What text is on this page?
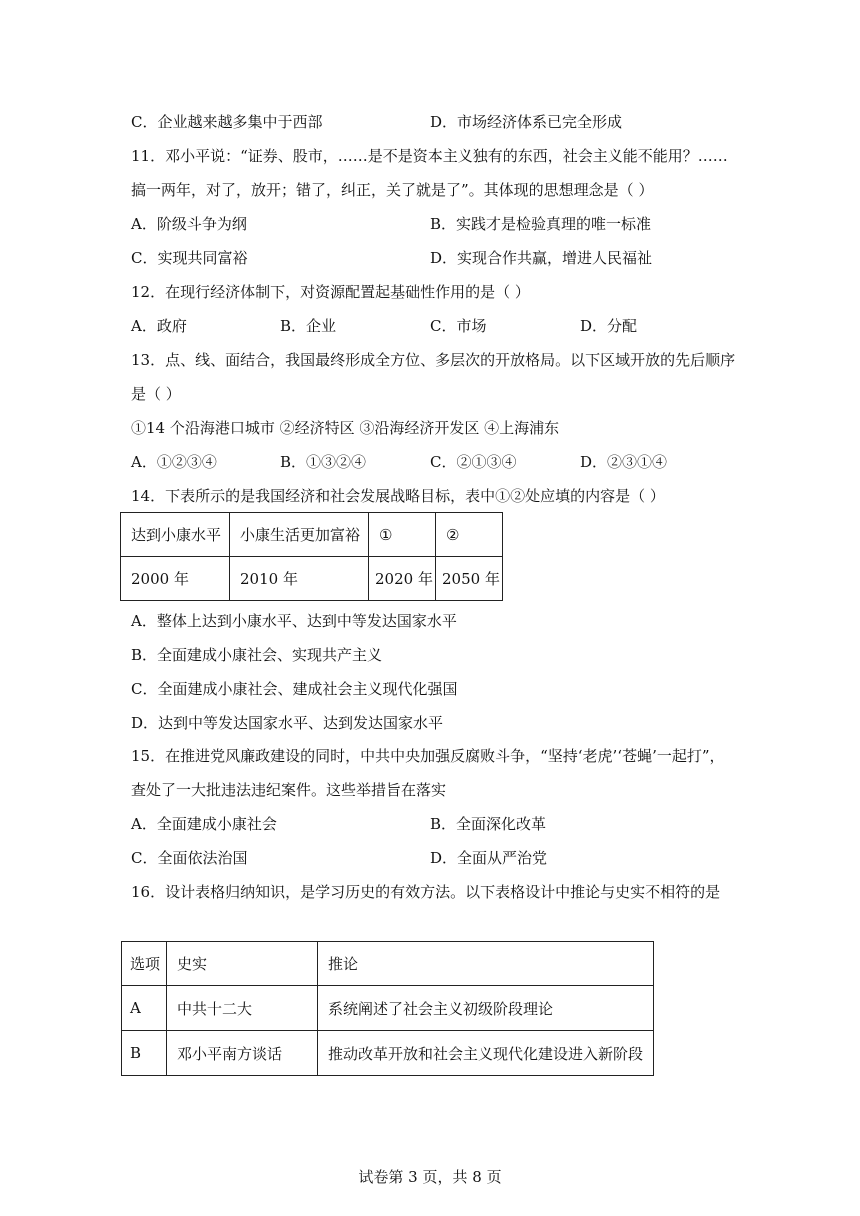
C．企业越来越多集中于西部	D．市场经济体系已完全形成
11．邓小平说：“证券、股市，……是不是资本主义独有的东西，社会主义能不能用？……
搞一两年，对了，放开；错了，纠正，关了就是了”。其体现的思想理念是（ ）
A．阶级斗争为纲	B．实践才是检验真理的唯一标准
C．实现共同富裕	D．实现合作共赢，增进人民福祉
12．在现行经济体制下，对资源配置起基础性作用的是（ ）
A．政府	B．企业	C．市场	D．分配
13．点、线、面结合，我国最终形成全方位、多层次的开放格局。以下区域开放的先后顺序
是（ ）
①14 个沿海港口城市 ②经济特区 ③沿海经济开发区 ④上海浦东
A．①②③④	B．①③②④	C．②①③④	D．②③①④
14．下表所示的是我国经济和社会发展战略目标，表中①②处应填的内容是（ ）
达到小康水平	小康生活更加富裕	①	②
2000 年	2010 年	2020 年	2050 年
A．整体上达到小康水平、达到中等发达国家水平
B．全面建成小康社会、实现共产主义
C．全面建成小康社会、建成社会主义现代化强国
D．达到中等发达国家水平、达到发达国家水平
15．在推进党风廉政建设的同时，中共中央加强反腐败斗争，“坚持‘老虎’‘苍蝇’一起打”，
查处了一大批违法违纪案件。这些举措旨在落实
A．全面建成小康社会	B．全面深化改革
C．全面依法治国	D．全面从严治党
16．设计表格归纳知识，是学习历史的有效方法。以下表格设计中推论与史实不相符的是
选项	史实	推论
A	中共十二大	系统阐述了社会主义初级阶段理论
B	邓小平南方谈话	推动改革开放和社会主义现代化建设进入新阶段
试卷第 3 页，共 8 页
